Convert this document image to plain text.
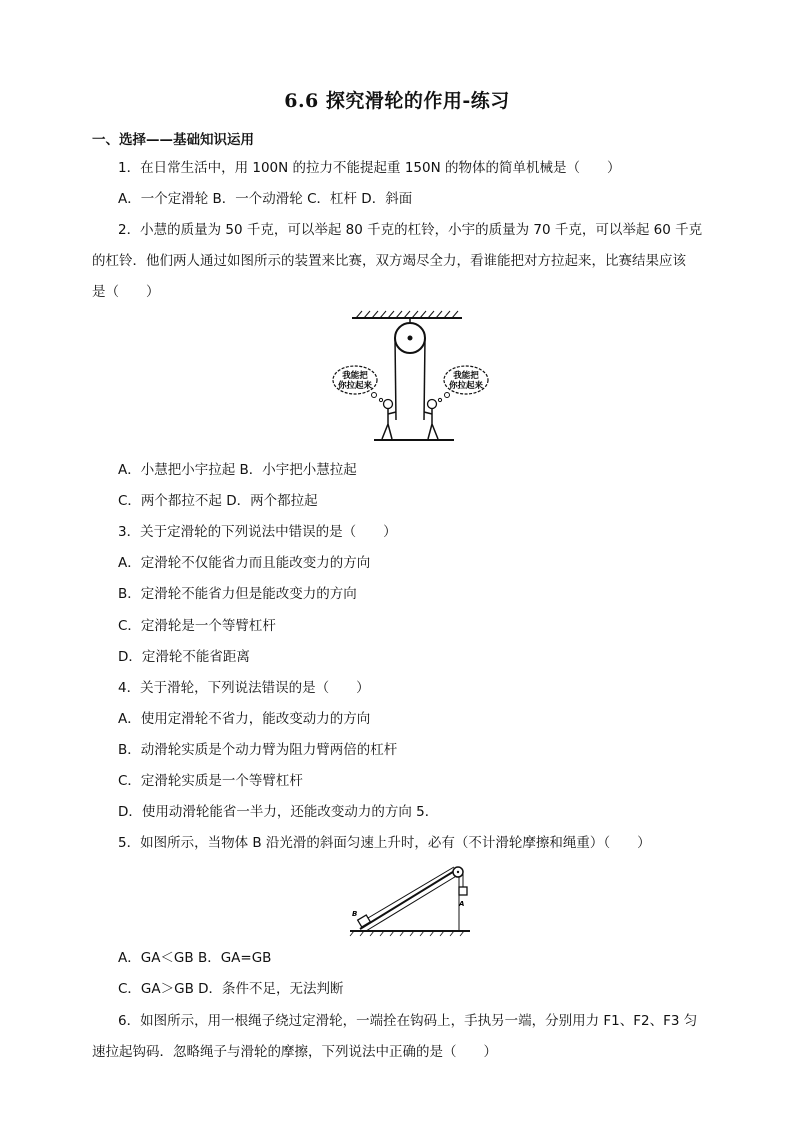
6.6 探究滑轮的作用-练习
一、选择——基础知识运用
1．在日常生活中，用 100N 的拉力不能提起重 150N 的物体的简单机械是（　　）
A．一个定滑轮 B．一个动滑轮 C．杠杆 D．斜面
2．小慧的质量为 50 千克，可以举起 80 千克的杠铃，小宇的质量为 70 千克，可以举起 60 千克
的杠铃．他们两人通过如图所示的装置来比赛，双方竭尽全力，看谁能把对方拉起来，比赛结果应该
是（　　）
我能把
你拉起来
我能把
你拉起来
A．小慧把小宇拉起 B．小宇把小慧拉起
C．两个都拉不起 D．两个都拉起
3．关于定滑轮的下列说法中错误的是（　　）
A．定滑轮不仅能省力而且能改变力的方向
B．定滑轮不能省力但是能改变力的方向
C．定滑轮是一个等臂杠杆
D．定滑轮不能省距离
4．关于滑轮，下列说法错误的是（　　）
A．使用定滑轮不省力，能改变动力的方向
B．动滑轮实质是个动力臂为阻力臂两倍的杠杆
C．定滑轮实质是一个等臂杠杆
D．使用动滑轮能省一半力，还能改变动力的方向 5．
5．如图所示，当物体 B 沿光滑的斜面匀速上升时，必有（不计滑轮摩擦和绳重）（　　）
A
B
A．GA＜GB B．GA=GB
C．GA＞GB D．条件不足，无法判断
6．如图所示，用一根绳子绕过定滑轮，一端拴在钩码上，手执另一端，分别用力 F1、F2、F3 匀
速拉起钩码．忽略绳子与滑轮的摩擦，下列说法中正确的是（　　）
